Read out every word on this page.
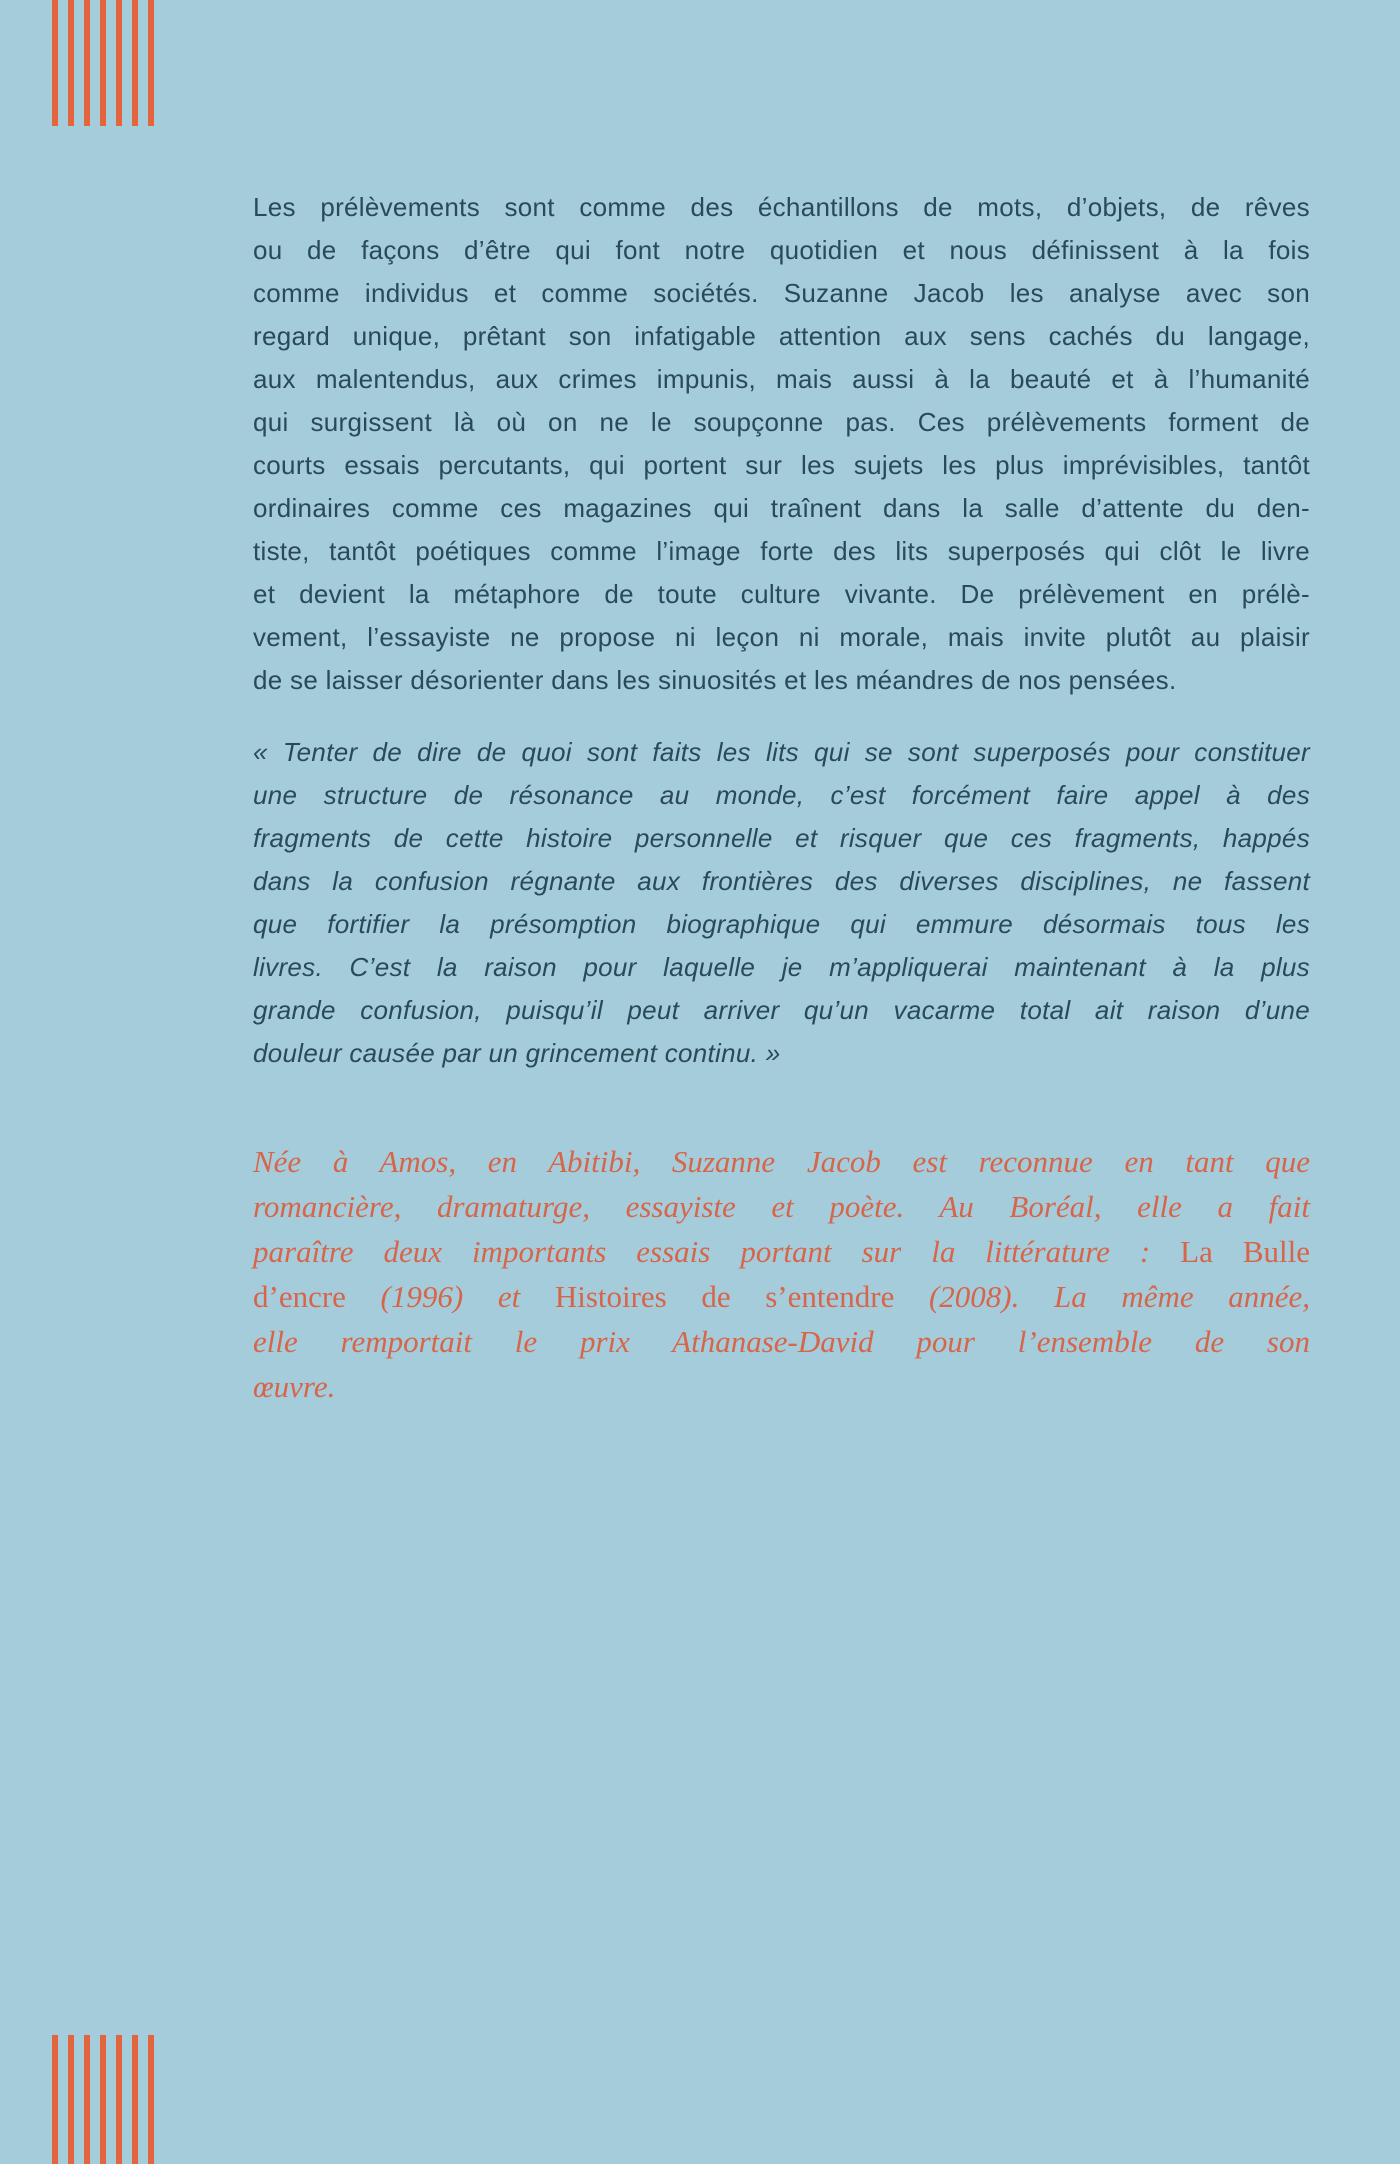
Les prélèvements sont comme des échantillons de mots, d’objets, de rêves

ou de façons d’être qui font notre quotidien et nous définissent à la fois

comme individus et comme sociétés. Suzanne Jacob les analyse avec son

regard unique, prêtant son infatigable attention aux sens cachés du langage,

aux malentendus, aux crimes impunis, mais aussi à la beauté et à l’humanité

qui surgissent là où on ne le soupçonne pas. Ces prélèvements forment de

courts essais percutants, qui portent sur les sujets les plus imprévisibles, tantôt

ordinaires comme ces magazines qui traînent dans la salle d’attente du den-

tiste, tantôt poétiques comme l’image forte des lits superposés qui clôt le livre

et devient la métaphore de toute culture vivante. De prélèvement en prélè-

vement, l’essayiste ne propose ni leçon ni morale, mais invite plutôt au plaisir

de se laisser désorienter dans les sinuosités et les méandres de nos pensées.

« Tenter de dire de quoi sont faits les lits qui se sont superposés pour constituer

une structure de résonance au monde, c’est forcément faire appel à des

fragments de cette histoire personnelle et risquer que ces fragments, happés

dans la confusion régnante aux frontières des diverses disciplines, ne fassent

que fortifier la présomption biographique qui emmure désormais tous les

livres. C’est la raison pour laquelle je m’appliquerai maintenant à la plus

grande confusion, puisqu’il peut arriver qu’un vacarme total ait raison d’une

douleur causée par un grincement continu. »

Née à Amos, en Abitibi, Suzanne Jacob est reconnue en tant que

romancière, dramaturge, essayiste et poète. Au Boréal, elle a fait

paraître deux importants essais portant sur la littérature : La Bulle

d’encre (1996) et Histoires de s’entendre (2008). La même année,

elle remportait le prix Athanase-David pour l’ensemble de son

œuvre.
